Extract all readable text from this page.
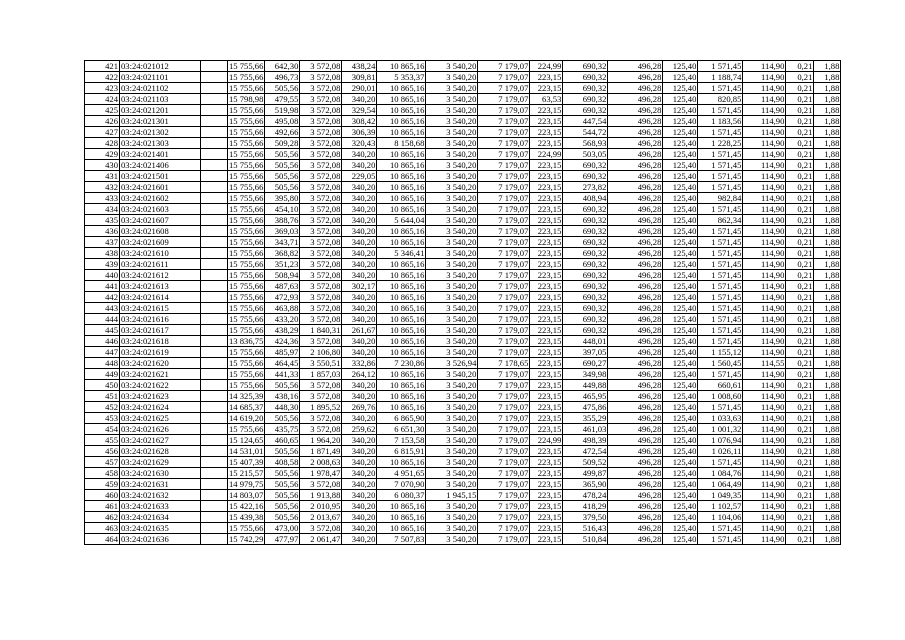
421	03:24:021012		15 755,66	642,30	3 572,08	438,24	10 865,16	3 540,20	7 179,07	224,99	690,32	496,28	125,40	1 571,45	114,90	0,21	1,88
422	03:24:021101		15 755,66	496,73	3 572,08	309,81	5 353,37	3 540,20	7 179,07	223,15	690,32	496,28	125,40	1 188,74	114,90	0,21	1,88
423	03:24:021102		15 755,66	505,56	3 572,08	290,01	10 865,16	3 540,20	7 179,07	223,15	690,32	496,28	125,40	1 571,45	114,90	0,21	1,88
424	03:24:021103		15 798,98	479,55	3 572,08	340,20	10 865,16	3 540,20	7 179,07	63,53	690,32	496,28	125,40	820,85	114,90	0,21	1,88
425	03:24:021201		15 755,66	519,98	3 572,08	329,54	10 865,16	3 540,20	7 179,07	223,15	690,32	496,28	125,40	1 571,45	114,90	0,21	1,88
426	03:24:021301		15 755,66	495,08	3 572,08	308,42	10 865,16	3 540,20	7 179,07	223,15	447,54	496,28	125,40	1 183,56	114,90	0,21	1,88
427	03:24:021302		15 755,66	492,66	3 572,08	306,39	10 865,16	3 540,20	7 179,07	223,15	544,72	496,28	125,40	1 571,45	114,90	0,21	1,88
428	03:24:021303		15 755,66	509,28	3 572,08	320,43	8 158,68	3 540,20	7 179,07	223,15	568,93	496,28	125,40	1 228,25	114,90	0,21	1,88
429	03:24:021401		15 755,66	505,56	3 572,08	340,20	10 865,16	3 540,20	7 179,07	224,99	503,05	496,28	125,40	1 571,45	114,90	0,21	1,88
430	03:24:021406		15 755,66	505,56	3 572,08	340,20	10 865,16	3 540,20	7 179,07	223,15	690,32	496,28	125,40	1 571,45	114,90	0,21	1,88
431	03:24:021501		15 755,66	505,56	3 572,08	229,05	10 865,16	3 540,20	7 179,07	223,15	690,32	496,28	125,40	1 571,45	114,90	0,21	1,88
432	03:24:021601		15 755,66	505,56	3 572,08	340,20	10 865,16	3 540,20	7 179,07	223,15	273,82	496,28	125,40	1 571,45	114,90	0,21	1,88
433	03:24:021602		15 755,66	395,80	3 572,08	340,20	10 865,16	3 540,20	7 179,07	223,15	408,94	496,28	125,40	982,84	114,90	0,21	1,88
434	03:24:021603		15 755,66	454,10	3 572,08	340,20	10 865,16	3 540,20	7 179,07	223,15	690,32	496,28	125,40	1 571,45	114,90	0,21	1,88
435	03:24:021607		15 755,66	388,76	3 572,08	340,20	5 644,04	3 540,20	7 179,07	223,15	690,32	496,28	125,40	862,34	114,90	0,21	1,88
436	03:24:021608		15 755,66	369,03	3 572,08	340,20	10 865,16	3 540,20	7 179,07	223,15	690,32	496,28	125,40	1 571,45	114,90	0,21	1,88
437	03:24:021609		15 755,66	343,71	3 572,08	340,20	10 865,16	3 540,20	7 179,07	223,15	690,32	496,28	125,40	1 571,45	114,90	0,21	1,88
438	03:24:021610		15 755,66	368,82	3 572,08	340,20	5 346,41	3 540,20	7 179,07	223,15	690,32	496,28	125,40	1 571,45	114,90	0,21	1,88
439	03:24:021611		15 755,66	351,23	3 572,08	340,20	10 865,16	3 540,20	7 179,07	223,15	690,32	496,28	125,40	1 571,45	114,90	0,21	1,88
440	03:24:021612		15 755,66	508,94	3 572,08	340,20	10 865,16	3 540,20	7 179,07	223,15	690,32	496,28	125,40	1 571,45	114,90	0,21	1,88
441	03:24:021613		15 755,66	487,63	3 572,08	302,17	10 865,16	3 540,20	7 179,07	223,15	690,32	496,28	125,40	1 571,45	114,90	0,21	1,88
442	03:24:021614		15 755,66	472,93	3 572,08	340,20	10 865,16	3 540,20	7 179,07	223,15	690,32	496,28	125,40	1 571,45	114,90	0,21	1,88
443	03:24:021615		15 755,66	463,88	3 572,08	340,20	10 865,16	3 540,20	7 179,07	223,15	690,32	496,28	125,40	1 571,45	114,90	0,21	1,88
444	03:24:021616		15 755,66	433,20	3 572,08	340,20	10 865,16	3 540,20	7 179,07	223,15	690,32	496,28	125,40	1 571,45	114,90	0,21	1,88
445	03:24:021617		15 755,66	438,29	1 840,31	261,67	10 865,16	3 540,20	7 179,07	223,15	690,32	496,28	125,40	1 571,45	114,90	0,21	1,88
446	03:24:021618		13 836,75	424,36	3 572,08	340,20	10 865,16	3 540,20	7 179,07	223,15	448,01	496,28	125,40	1 571,45	114,90	0,21	1,88
447	03:24:021619		15 755,66	485,97	2 106,80	340,20	10 865,16	3 540,20	7 179,07	223,15	397,05	496,28	125,40	1 155,12	114,90	0,21	1,88
448	03:24:021620		15 755,66	464,45	3 550,51	332,86	7 230,86	3 526,94	7 178,65	223,15	690,27	496,28	125,40	1 560,45	114,55	0,21	1,88
449	03:24:021621		15 755,66	441,33	1 857,03	264,12	10 865,16	3 540,20	7 179,07	223,15	349,98	496,28	125,40	1 571,45	114,90	0,21	1,88
450	03:24:021622		15 755,66	505,56	3 572,08	340,20	10 865,16	3 540,20	7 179,07	223,15	449,88	496,28	125,40	660,61	114,90	0,21	1,88
451	03:24:021623		14 325,39	438,16	3 572,08	340,20	10 865,16	3 540,20	7 179,07	223,15	465,95	496,28	125,40	1 008,60	114,90	0,21	1,88
452	03:24:021624		14 685,37	448,30	1 895,52	269,76	10 865,16	3 540,20	7 179,07	223,15	475,86	496,28	125,40	1 571,45	114,90	0,21	1,88
453	03:24:021625		14 619,20	505,56	3 572,08	340,20	6 865,90	3 540,20	7 179,07	223,15	355,29	496,28	125,40	1 033,63	114,90	0,21	1,88
454	03:24:021626		15 755,66	435,75	3 572,08	259,62	6 651,30	3 540,20	7 179,07	223,15	461,03	496,28	125,40	1 001,32	114,90	0,21	1,88
455	03:24:021627		15 124,65	460,65	1 964,20	340,20	7 153,58	3 540,20	7 179,07	224,99	498,39	496,28	125,40	1 076,94	114,90	0,21	1,88
456	03:24:021628		14 531,01	505,56	1 871,49	340,20	6 815,91	3 540,20	7 179,07	223,15	472,54	496,28	125,40	1 026,11	114,90	0,21	1,88
457	03:24:021629		15 407,39	408,58	2 008,63	340,20	10 865,16	3 540,20	7 179,07	223,15	509,52	496,28	125,40	1 571,45	114,90	0,21	1,88
458	03:24:021630		15 215,57	505,56	1 978,47	340,20	4 951,65	3 540,20	7 179,07	223,15	499,87	496,28	125,40	1 084,76	114,90	0,21	1,88
459	03:24:021631		14 979,75	505,56	3 572,08	340,20	7 070,90	3 540,20	7 179,07	223,15	365,90	496,28	125,40	1 064,49	114,90	0,21	1,88
460	03:24:021632		14 803,07	505,56	1 913,88	340,20	6 080,37	1 945,15	7 179,07	223,15	478,24	496,28	125,40	1 049,35	114,90	0,21	1,88
461	03:24:021633		15 422,16	505,56	2 010,95	340,20	10 865,16	3 540,20	7 179,07	223,15	418,29	496,28	125,40	1 102,57	114,90	0,21	1,88
462	03:24:021634		15 439,38	505,56	2 013,67	340,20	10 865,16	3 540,20	7 179,07	223,15	379,50	496,28	125,40	1 104,06	114,90	0,21	1,88
463	03:24:021635		15 755,66	473,00	3 572,08	340,20	10 865,16	3 540,20	7 179,07	223,15	516,43	496,28	125,40	1 571,45	114,90	0,21	1,88
464	03:24:021636		15 742,29	477,97	2 061,47	340,20	7 507,83	3 540,20	7 179,07	223,15	510,84	496,28	125,40	1 571,45	114,90	0,21	1,88
